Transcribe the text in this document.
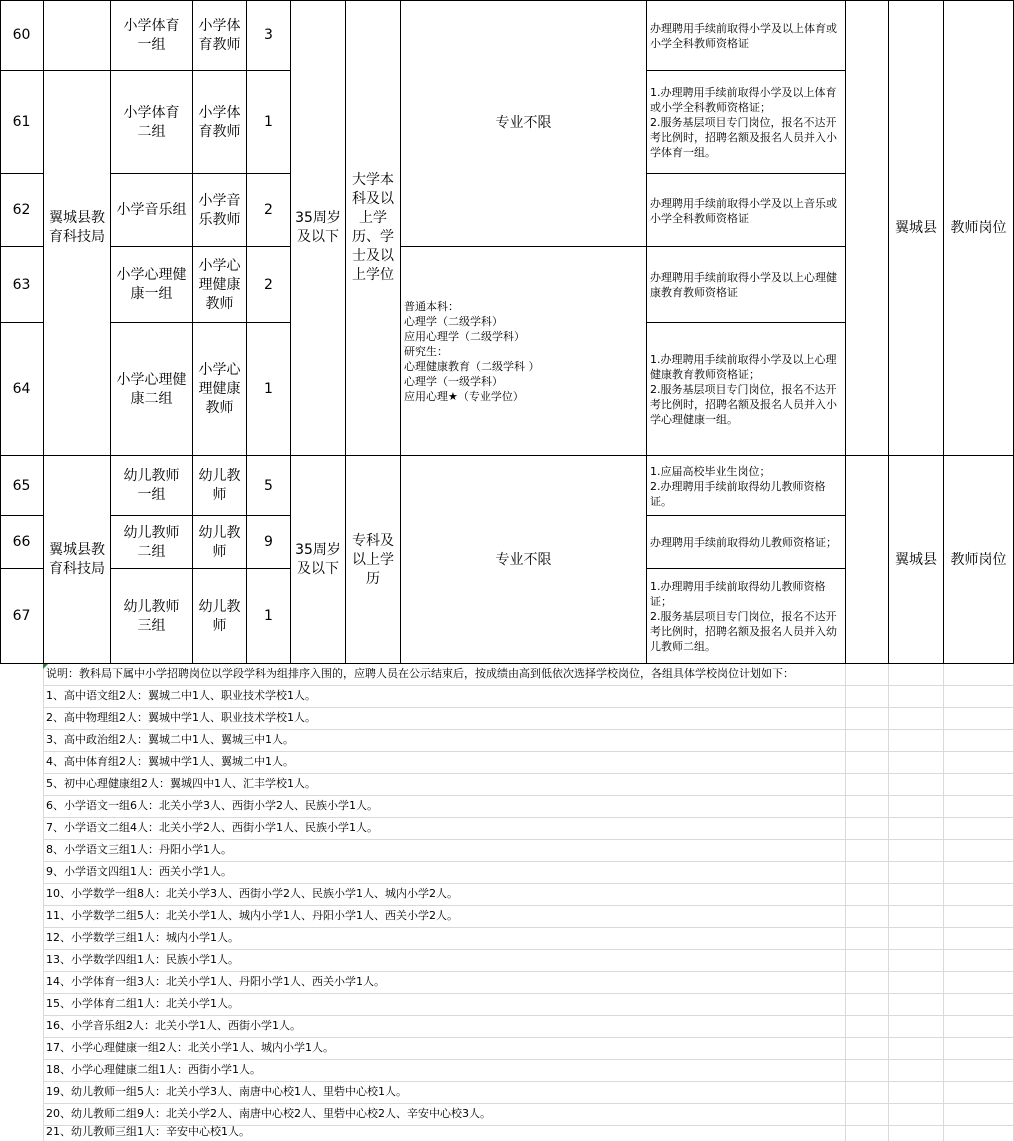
60
61
62
63
64
翼城县教育科技局
小学体育一组
小学体育二组
小学音乐组
小学心理健康一组
小学心理健康二组
小学体育教师
小学体育教师
小学音乐教师
小学心理健康教师
小学心理健康教师
3
1
2
2
1
35周岁及以下
大学本科及以上学历、学士及以上学位
专业不限
普通本科：
心理学（二级学科）
应用心理学（二级学科）
研究生：
心理健康教育（二级学科 ）
心理学（一级学科）
应用心理★（专业学位）
办理聘用手续前取得小学及以上体育或小学全科教师资格证
1.办理聘用手续前取得小学及以上体育或小学全科教师资格证；
2.服务基层项目专门岗位，报名不达开考比例时，招聘名额及报名人员并入小学体育一组。
办理聘用手续前取得小学及以上音乐或小学全科教师资格证
办理聘用手续前取得小学及以上心理健康教育教师资格证
1.办理聘用手续前取得小学及以上心理健康教育教师资格证；
2.服务基层项目专门岗位，报名不达开考比例时，招聘名额及报名人员并入小学心理健康一组。
翼城县 教师岗位
65
66
67
翼城县教育科技局
幼儿教师一组
幼儿教师二组
幼儿教师三组
幼儿教师
幼儿教师
幼儿教师
5
9
1
35周岁及以下
专科及以上学历
专业不限
1.应届高校毕业生岗位；
2.办理聘用手续前取得幼儿教师资格证。
办理聘用手续前取得幼儿教师资格证；
1.办理聘用手续前取得幼儿教师资格证；
2.服务基层项目专门岗位，报名不达开考比例时，招聘名额及报名人员并入幼儿教师二组。
翼城县 教师岗位
说明：教科局下属中小学招聘岗位以学段学科为组排序入围的，应聘人员在公示结束后，按成绩由高到低依次选择学校岗位，各组具体学校岗位计划如下：
1、高中语文组2人：翼城二中1人、职业技术学校1人。
2、高中物理组2人：翼城中学1人、职业技术学校1人。
3、高中政治组2人：翼城二中1人、翼城三中1人。
4、高中体育组2人：翼城中学1人、翼城二中1人。
5、初中心理健康组2人：翼城四中1人、汇丰学校1人。
6、小学语文一组6人：北关小学3人、西街小学2人、民族小学1人。
7、小学语文二组4人：北关小学2人、西街小学1人、民族小学1人。
8、小学语文三组1人：丹阳小学1人。
9、小学语文四组1人：西关小学1人。
10、小学数学一组8人：北关小学3人、西街小学2人、民族小学1人、城内小学2人。
11、小学数学二组5人：北关小学1人、城内小学1人、丹阳小学1人、西关小学2人。
12、小学数学三组1人：城内小学1人。
13、小学数学四组1人：民族小学1人。
14、小学体育一组3人：北关小学1人、丹阳小学1人、西关小学1人。
15、小学体育二组1人：北关小学1人。
16、小学音乐组2人：北关小学1人、西街小学1人。
17、小学心理健康一组2人：北关小学1人、城内小学1人。
18、小学心理健康二组1人：西街小学1人。
19、幼儿教师一组5人：北关小学3人、南唐中心校1人、里砦中心校1人。
20、幼儿教师二组9人：北关小学2人、南唐中心校2人、里砦中心校2人、辛安中心校3人。
21、幼儿教师三组1人：辛安中心校1人。
